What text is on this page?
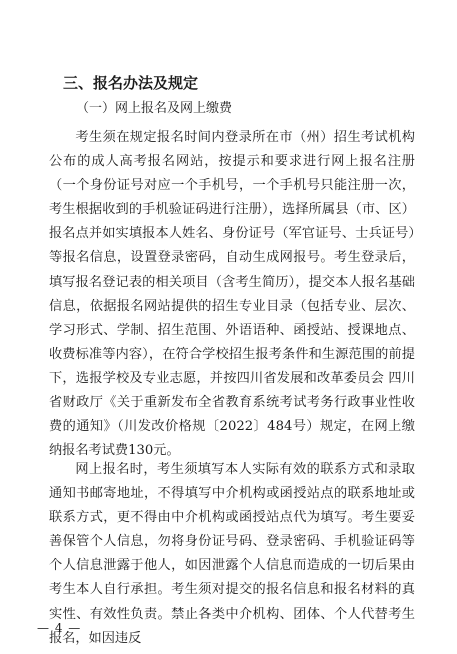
三、报名办法及规定
（一）网上报名及网上缴费

考生须在规定报名时间内登录所在市（州）招生考试机构公布的成人高考报名网站，按提示和要求进行网上报名注册（一个身份证号对应一个手机号，一个手机号只能注册一次，考生根据收到的手机验证码进行注册），选择所属县（市、区）报名点并如实填报本人姓名、身份证号（军官证号、士兵证号）等报名信息，设置登录密码，自动生成网报号。考生登录后，填写报名登记表的相关项目（含考生简历），提交本人报名基础信息，依据报名网站提供的招生专业目录（包括专业、层次、学习形式、学制、招生范围、外语语种、函授站、授课地点、收费标准等内容），在符合学校招生报考条件和生源范围的前提下，选报学校及专业志愿，并按四川省发展和改革委员会 四川省财政厅《关于重新发布全省教育系统考试考务行政事业性收费的通知》（川发改价格规〔2022〕484号）规定，在网上缴纳报名考试费130元。

网上报名时，考生须填写本人实际有效的联系方式和录取通知书邮寄地址，不得填写中介机构或函授站点的联系地址或联系方式，更不得由中介机构或函授站点代为填写。考生要妥善保管个人信息，勿将身份证号码、登录密码、手机验证码等个人信息泄露于他人，如因泄露个人信息而造成的一切后果由考生本人自行承担。考生须对提交的报名信息和报名材料的真实性、有效性负责。禁止各类中介机构、团体、个人代替考生报名，如因违反

— 4 —
